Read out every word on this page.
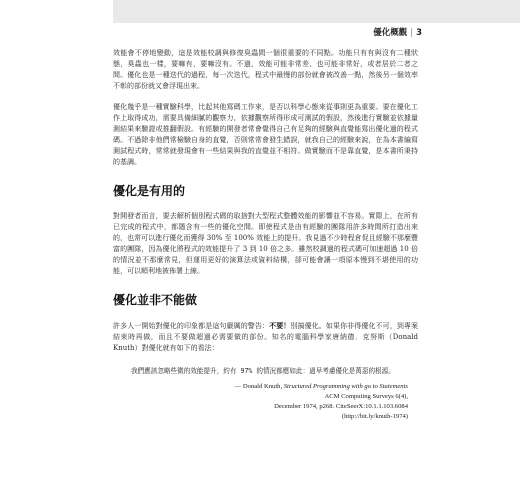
優化概觀 | 3

效能會不停地變動，這是效能校調與修復臭蟲間一個很重要的不同點。功能只有有與沒有二種狀態，臭蟲也一樣，要嘛有，要嘛沒有。不過，效能可能非常差、也可能非常好，或者居於二者之間。優化也是一種迭代的過程，每一次迭代，程式中最慢的部份就會被改善一點，然後另一個效率不彰的部份就又會浮現出來。

優化幾乎是一種實驗科學，比起其他寫碼工作來，是否以科學心態來從事則更為重要。要在優化工作上取得成功，需要具備細膩的觀察力，依據觀察所得形成可測試的假設，然後進行實驗並依據量測結果來驗證或推翻假設。有經驗的開發者常會覺得自己有足夠的經驗與直覺能寫出優化過的程式碼。不過除非他們常檢驗自身的直覺，否則常常會發生錯誤，就我自己的經驗來說，在為本書編寫測試程式時，常常就發現會有一些結果與我的直覺並不相符。做實驗而不是靠直覺，是本書所秉持的基調。

優化是有用的

對開發者而言，要去解析個別程式碼的取捨對大型程式整體效能的影響並不容易。實際上，在所有已完成的程式中，都隱含有一些的優化空間。即使程式是由有經驗的團隊用許多時間所打造出來的，也常可以進行優化而獲得 30% 至 100% 效能上的提升。我見過不少時程倉促且經驗不那麼豐富的團隊，因為優化將程式的效能提升了 3 到 10 倍之多。雖然校調過的程式碼可加速超過 10 倍的情況並不那麼常見，但運用更好的演算法或資料結構，卻可能會讓一項原本慢到不堪使用的功能，可以順利地被佈署上線。

優化並非不能做

許多人一開始對優化的印象都是這句嚴厲的警告：不要！別搞優化。如果你非得優化不可，到專案結束時再做，而且不要做超過必需要做的部份。知名的電腦科學家唐納德．克努斯（Donald Knuth）對優化就有如下的看法：

我們應該忽略些微的效能提升，約有 97% 的情況都應如此：過早考慮優化是萬惡的根源。

— Donald Knuth, Structured Programming with go to Statements
ACM Computing Surveys 6(4),
December 1974, p268. CiteSeerX:10.1.1.103.6084
(http://bit.ly/knuth-1974)
